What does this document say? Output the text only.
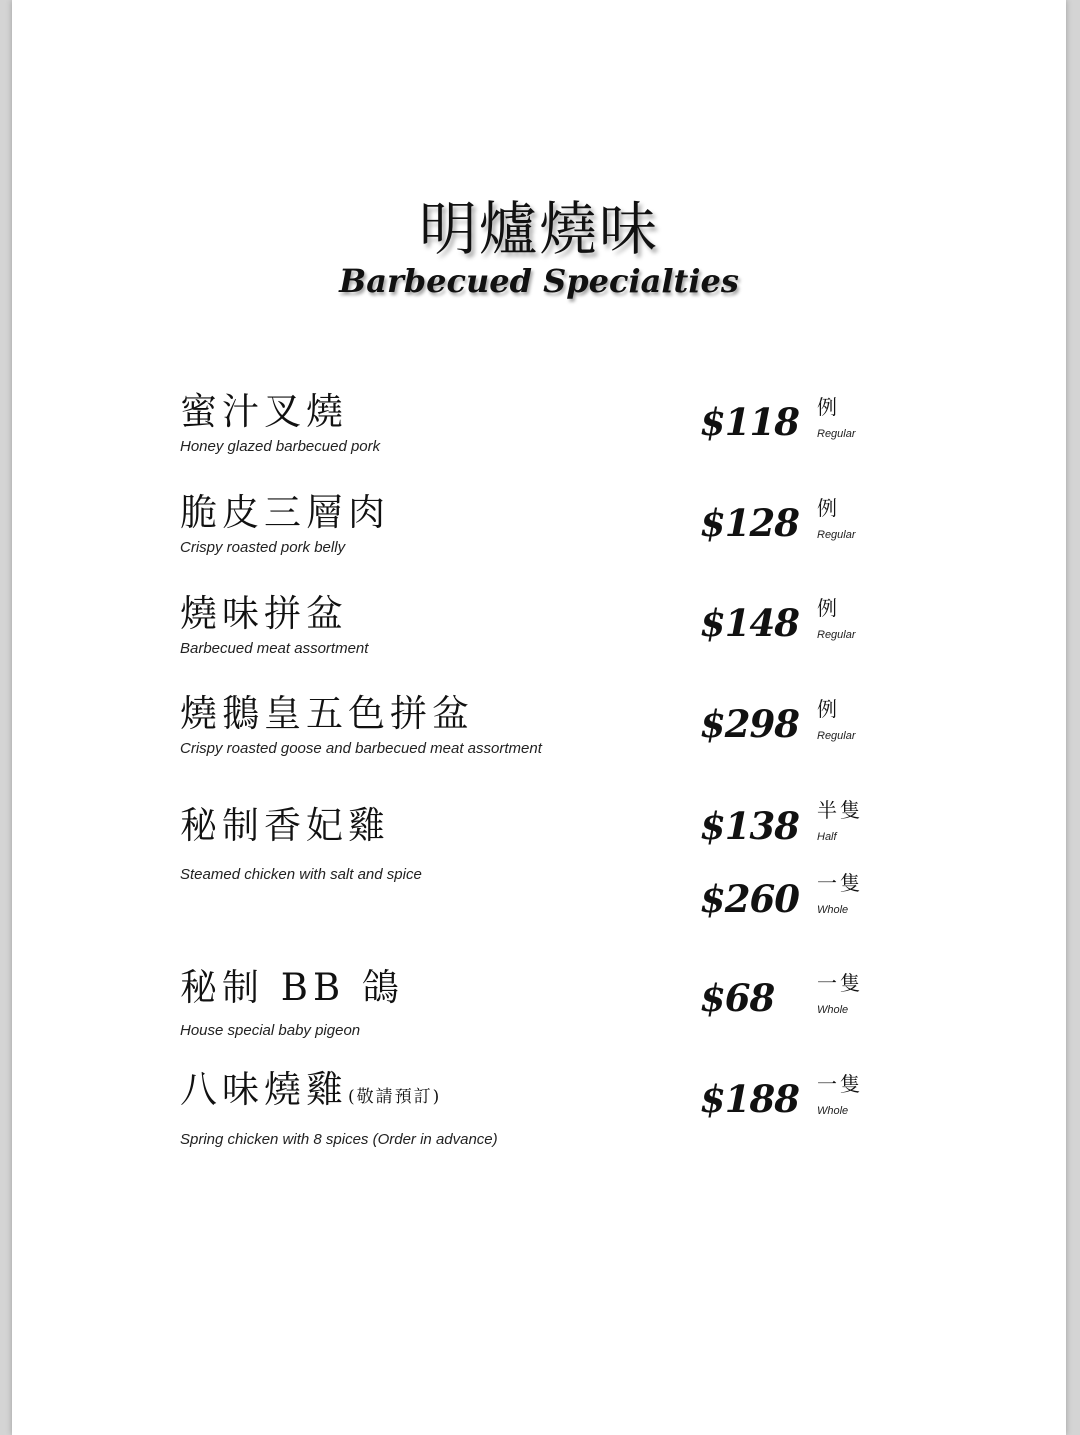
明爐燒味
Barbecued Specialties
蜜汁叉燒
Honey glazed barbecued pork
$118 例
Regular
脆皮三層肉
Crispy roasted pork belly
$128 例
Regular
燒味拼盆
Barbecued meat assortment
$148 例
Regular
燒鵝皇五色拼盆
Crispy roasted goose and barbecued meat assortment
$298 例
Regular
秘制香妃雞
Steamed chicken with salt and spice
$138 半隻
Half
$260 一隻
Whole
秘制 BB 鴿
House special baby pigeon
$68 一隻
Whole
八味燒雞(敬請預訂)
Spring chicken with 8 spices (Order in advance)
$188 一隻
Whole
